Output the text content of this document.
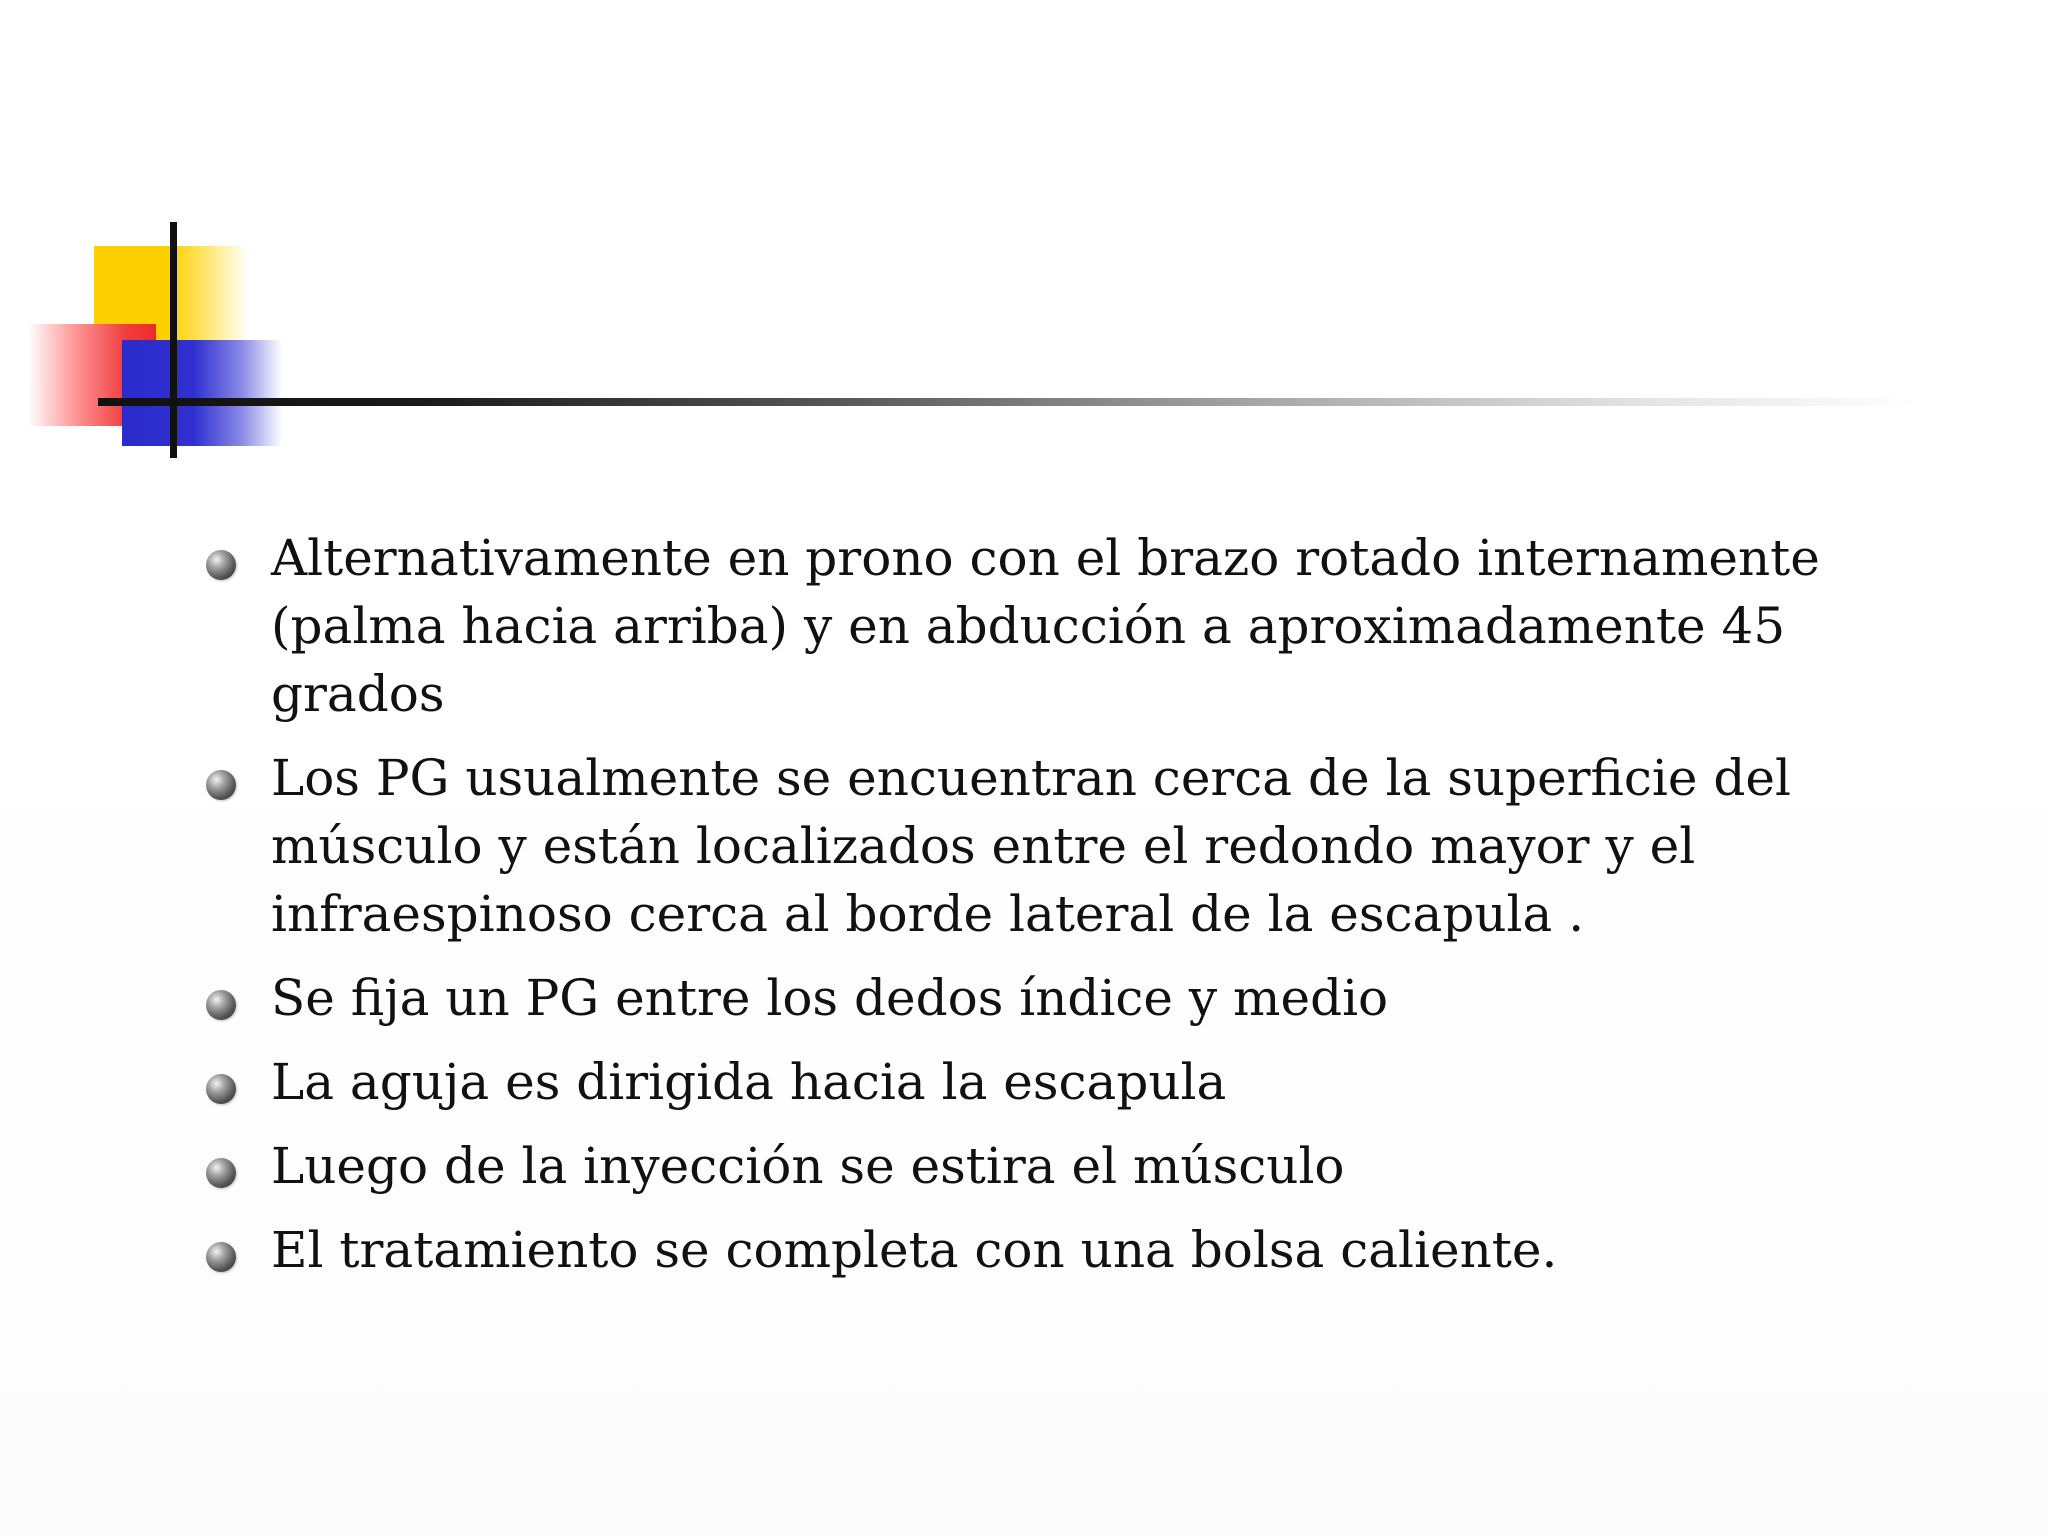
Alternativamente en prono con el brazo rotado internamente (palma hacia arriba) y en abducción a aproximadamente 45 grados
Los PG usualmente se encuentran cerca de la superficie del músculo y están localizados entre el redondo mayor y el infraespinoso cerca al borde lateral de la escapula .
Se fija un PG entre los dedos índice y medio
La aguja es dirigida hacia la escapula
Luego de la inyección se estira el músculo
El tratamiento se completa con una bolsa caliente.
